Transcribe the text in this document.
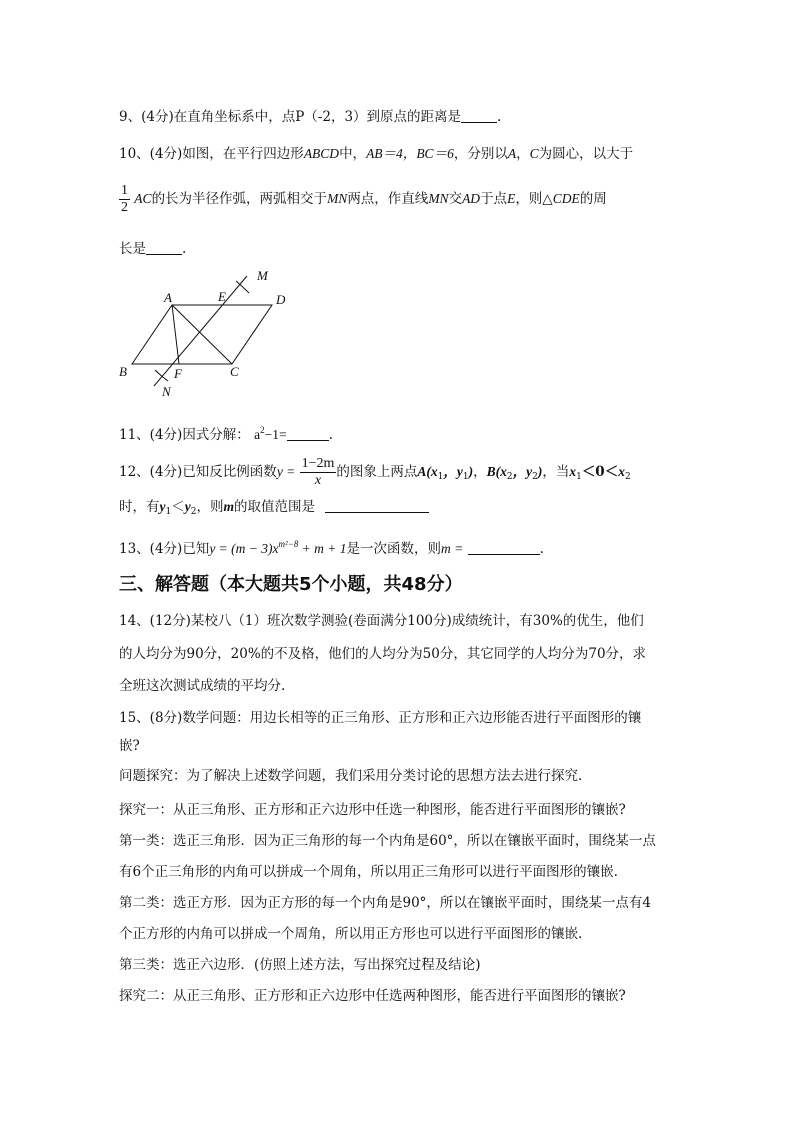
9、(4分)在直角坐标系中，点P（-2，3）到原点的距离是	.
10、(4分)如图，在平行四边形ABCD中，AB＝4，BC＝6，分别以A，C为圆心，以大于
$\frac{1}{2}$ AC的长为半径作弧，两弧相交于MN两点，作直线MN交AD于点E，则△CDE的周
长是	.
A	E	D
M
B	F	C
N
11、(4分)因式分解： $a^2-1=$	.
12、(4分)已知反比例函数$y = \frac{1-2m}{x}$ 的图象上两点$A(x_1$，$y_1$)，$B(x_2$，$y_2$)，当$x_1<0<x_2$
时，有$y_1<y_2$，则m的取值范围是
13、(4分)已知$y = (m - 3)x^{m^2-8} + m + 1$是一次函数，则m =	.
三、解答题（本大题共5个小题，共48分）
14、(12分)某校八（1）班次数学测验(卷面满分100分)成绩统计，有30%的优生，他们
的人均分为90分，20%的不及格，他们的人均分为50分，其它同学的人均分为70分，求
全班这次测试成绩的平均分.
15、(8分)数学问题：用边长相等的正三角形、正方形和正六边形能否进行平面图形的镶
嵌?
问题探究：为了解决上述数学问题，我们采用分类讨论的思想方法去进行探究.
探究一：从正三角形、正方形和正六边形中任选一种图形，能否进行平面图形的镶嵌?
第一类：选正三角形．因为正三角形的每一个内角是60°，所以在镶嵌平面时，围绕某一点
有6个正三角形的内角可以拼成一个周角，所以用正三角形可以进行平面图形的镶嵌.
第二类：选正方形．因为正方形的每一个内角是90°，所以在镶嵌平面时，围绕某一点有4
个正方形的内角可以拼成一个周角，所以用正方形也可以进行平面图形的镶嵌.
第三类：选正六边形．(仿照上述方法，写出探究过程及结论)
探究二：从正三角形、正方形和正六边形中任选两种图形，能否进行平面图形的镶嵌?
